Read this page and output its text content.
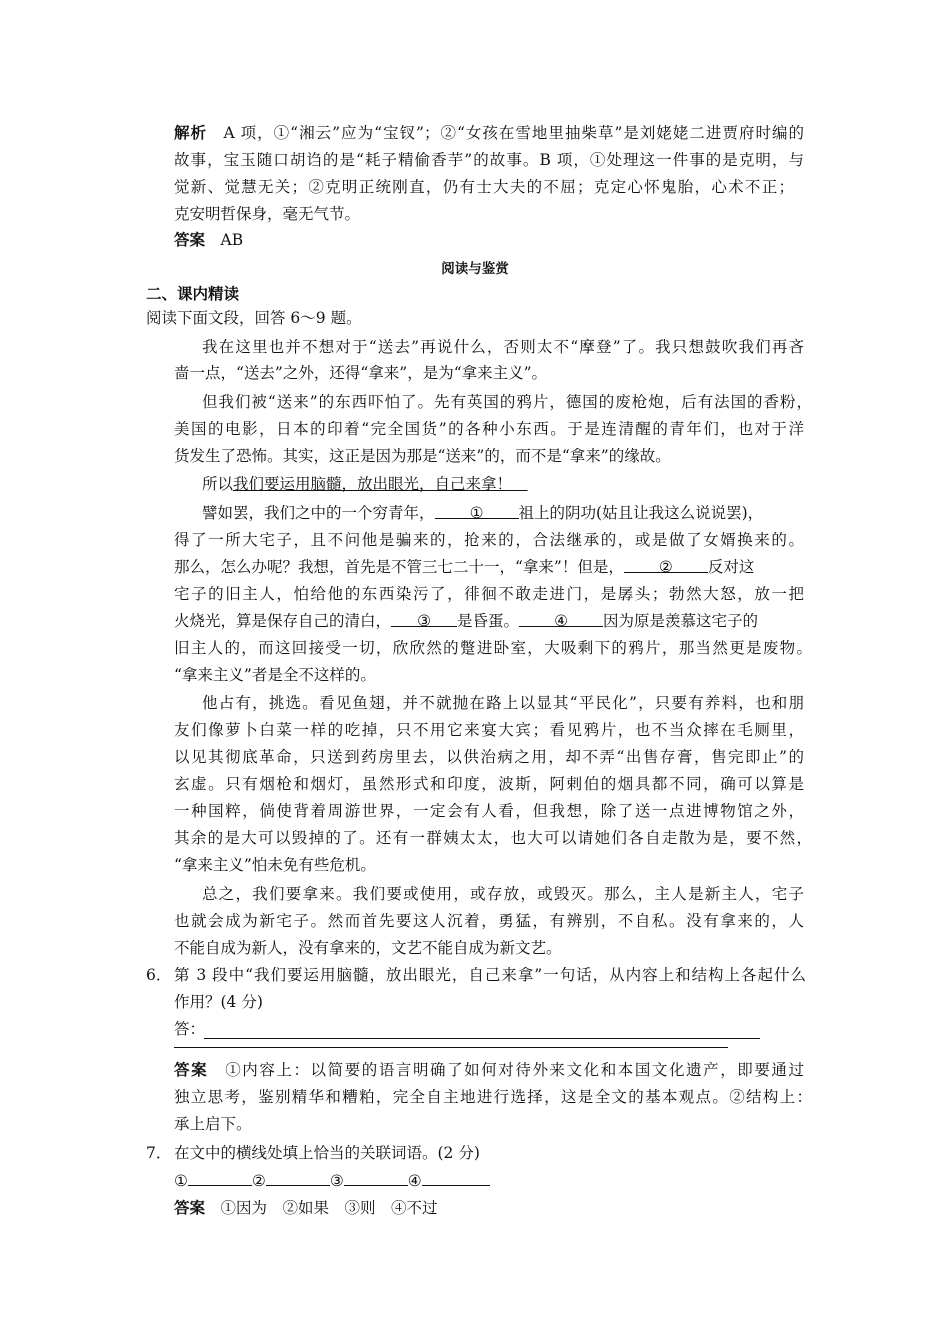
解析　 A 项，①“湘云”应为“宝钗”；②“女孩在雪地里抽柴草”是刘姥姥二进贾府时编的
故事，宝玉随口胡诌的是“耗子精偷香芋”的故事。B 项，①处理这一件事的是克明，与
觉新、觉慧无关；②克明正统刚直，仍有士大夫的不屈；克定心怀鬼胎，心术不正；
克安明哲保身，毫无气节。
答案　 AB
阅读与鉴赏
二、课内精读
阅读下面文段，回答 6～9 题。
我在这里也并不想对于“送去”再说什么，否则太不“摩登”了。我只想鼓吹我们再吝
啬一点，“送去”之外，还得“拿来”，是为“拿来主义”。
但我们被“送来”的东西吓怕了。先有英国的鸦片，德国的废枪炮，后有法国的香粉，
美国的电影，日本的印着“完全国货”的各种小东西。于是连清醒的青年们，也对于洋
货发生了恐怖。其实，这正是因为那是“送来”的，而不是“拿来”的缘故。
所以我们要运用脑髓，放出眼光，自己来拿！　
譬如罢，我们之中的一个穷青年， ① 祖上的阴功(姑且让我这么说说罢)，
得了一所大宅子，且不问他是骗来的，抢来的，合法继承的，或是做了女婿换来的。
那么，怎么办呢？我想，首先是不管三七二十一，“拿来”！但是， ② 反对这
宅子的旧主人，怕给他的东西染污了，徘徊不敢走进门，是孱头；勃然大怒，放一把
火烧光，算是保存自己的清白， ③ 是昏蛋。 ④ 因为原是羡慕这宅子的
旧主人的，而这回接受一切，欣欣然的蹩进卧室，大吸剩下的鸦片，那当然更是废物。
“拿来主义”者是全不这样的。
他占有，挑选。看见鱼翅，并不就抛在路上以显其“平民化”，只要有养料，也和朋
友们像萝卜白菜一样的吃掉，只不用它来宴大宾；看见鸦片，也不当众摔在毛厕里，
以见其彻底革命，只送到药房里去，以供治病之用，却不弄“出售存膏，售完即止”的
玄虚。只有烟枪和烟灯，虽然形式和印度，波斯，阿剌伯的烟具都不同，确可以算是
一种国粹，倘使背着周游世界，一定会有人看，但我想，除了送一点进博物馆之外，
其余的是大可以毁掉的了。还有一群姨太太，也大可以请她们各自走散为是，要不然，
“拿来主义”怕未免有些危机。
总之，我们要拿来。我们要或使用，或存放，或毁灭。那么，主人是新主人，宅子
也就会成为新宅子。然而首先要这人沉着，勇猛，有辨别，不自私。没有拿来的，人
不能自成为新人，没有拿来的，文艺不能自成为新文艺。
6． 第 3 段中“我们要运用脑髓，放出眼光，自己来拿”一句话，从内容上和结构上各起什么
作用？(4 分)
答：
答案　 ①内容上：以简要的语言明确了如何对待外来文化和本国文化遗产，即要通过
独立思考，鉴别精华和糟粕，完全自主地进行选择，这是全文的基本观点。②结构上：
承上启下。
7． 在文中的横线处填上恰当的关联词语。(2 分)
①	②	③	④
答案　 ①因为　②如果　③则　④不过
